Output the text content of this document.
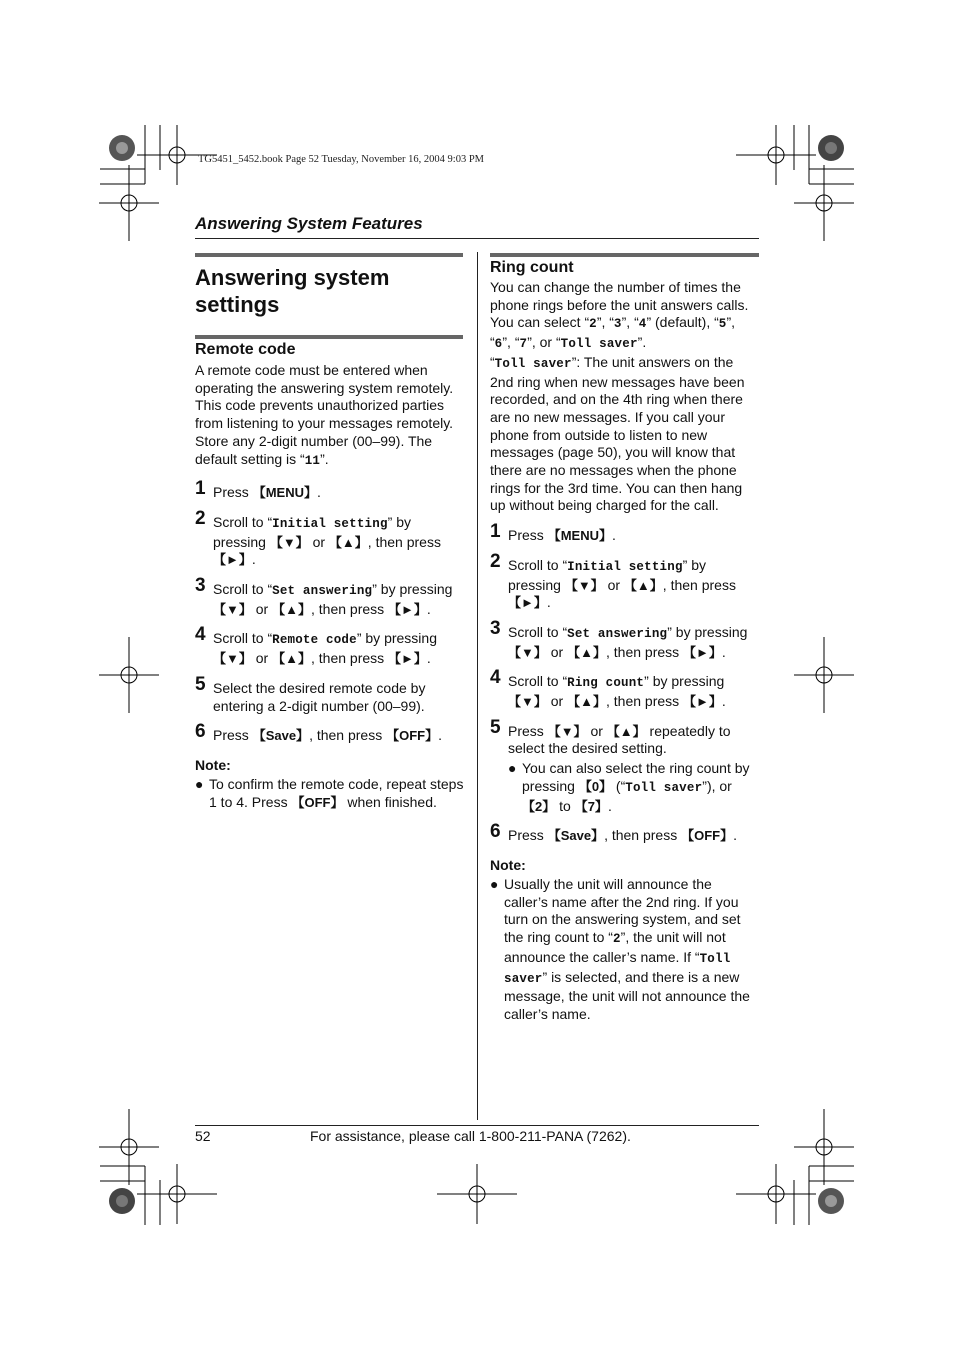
TG5451_5452.book Page 52 Tuesday, November 16, 2004 9:03 PM
Answering System Features
Answering system settings
Remote code
A remote code must be entered when operating the answering system remotely. This code prevents unauthorized parties from listening to your messages remotely. Store any 2-digit number (00–99). The default setting is “11”.
1 Press 【MENU】.
2 Scroll to “Initial setting” by pressing 【▼】 or 【▲】, then press 【►】.
3 Scroll to “Set answering” by pressing 【▼】 or 【▲】, then press 【►】.
4 Scroll to “Remote code” by pressing 【▼】 or 【▲】, then press 【►】.
5 Select the desired remote code by entering a 2-digit number (00–99).
6 Press 【Save】, then press 【OFF】.
Note:
● To confirm the remote code, repeat steps 1 to 4. Press 【OFF】 when finished.
Ring count
You can change the number of times the phone rings before the unit answers calls. You can select “2”, “3”, “4” (default), “5”, “6”, “7”, or “Toll saver”.
“Toll saver”: The unit answers on the 2nd ring when new messages have been recorded, and on the 4th ring when there are no new messages. If you call your phone from outside to listen to new messages (page 50), you will know that there are no messages when the phone rings for the 3rd time. You can then hang up without being charged for the call.
1 Press 【MENU】.
2 Scroll to “Initial setting” by pressing 【▼】 or 【▲】, then press 【►】.
3 Scroll to “Set answering” by pressing 【▼】 or 【▲】, then press 【►】.
4 Scroll to “Ring count” by pressing 【▼】 or 【▲】, then press 【►】.
5 Press 【▼】 or 【▲】 repeatedly to select the desired setting.
● You can also select the ring count by pressing 【0】 (“Toll saver”), or 【2】 to 【7】.
6 Press 【Save】, then press 【OFF】.
Note:
● Usually the unit will announce the caller’s name after the 2nd ring. If you turn on the answering system, and set the ring count to “2”, the unit will not announce the caller’s name. If “Toll saver” is selected, and there is a new message, the unit will not announce the caller’s name.
52	For assistance, please call 1-800-211-PANA (7262).
